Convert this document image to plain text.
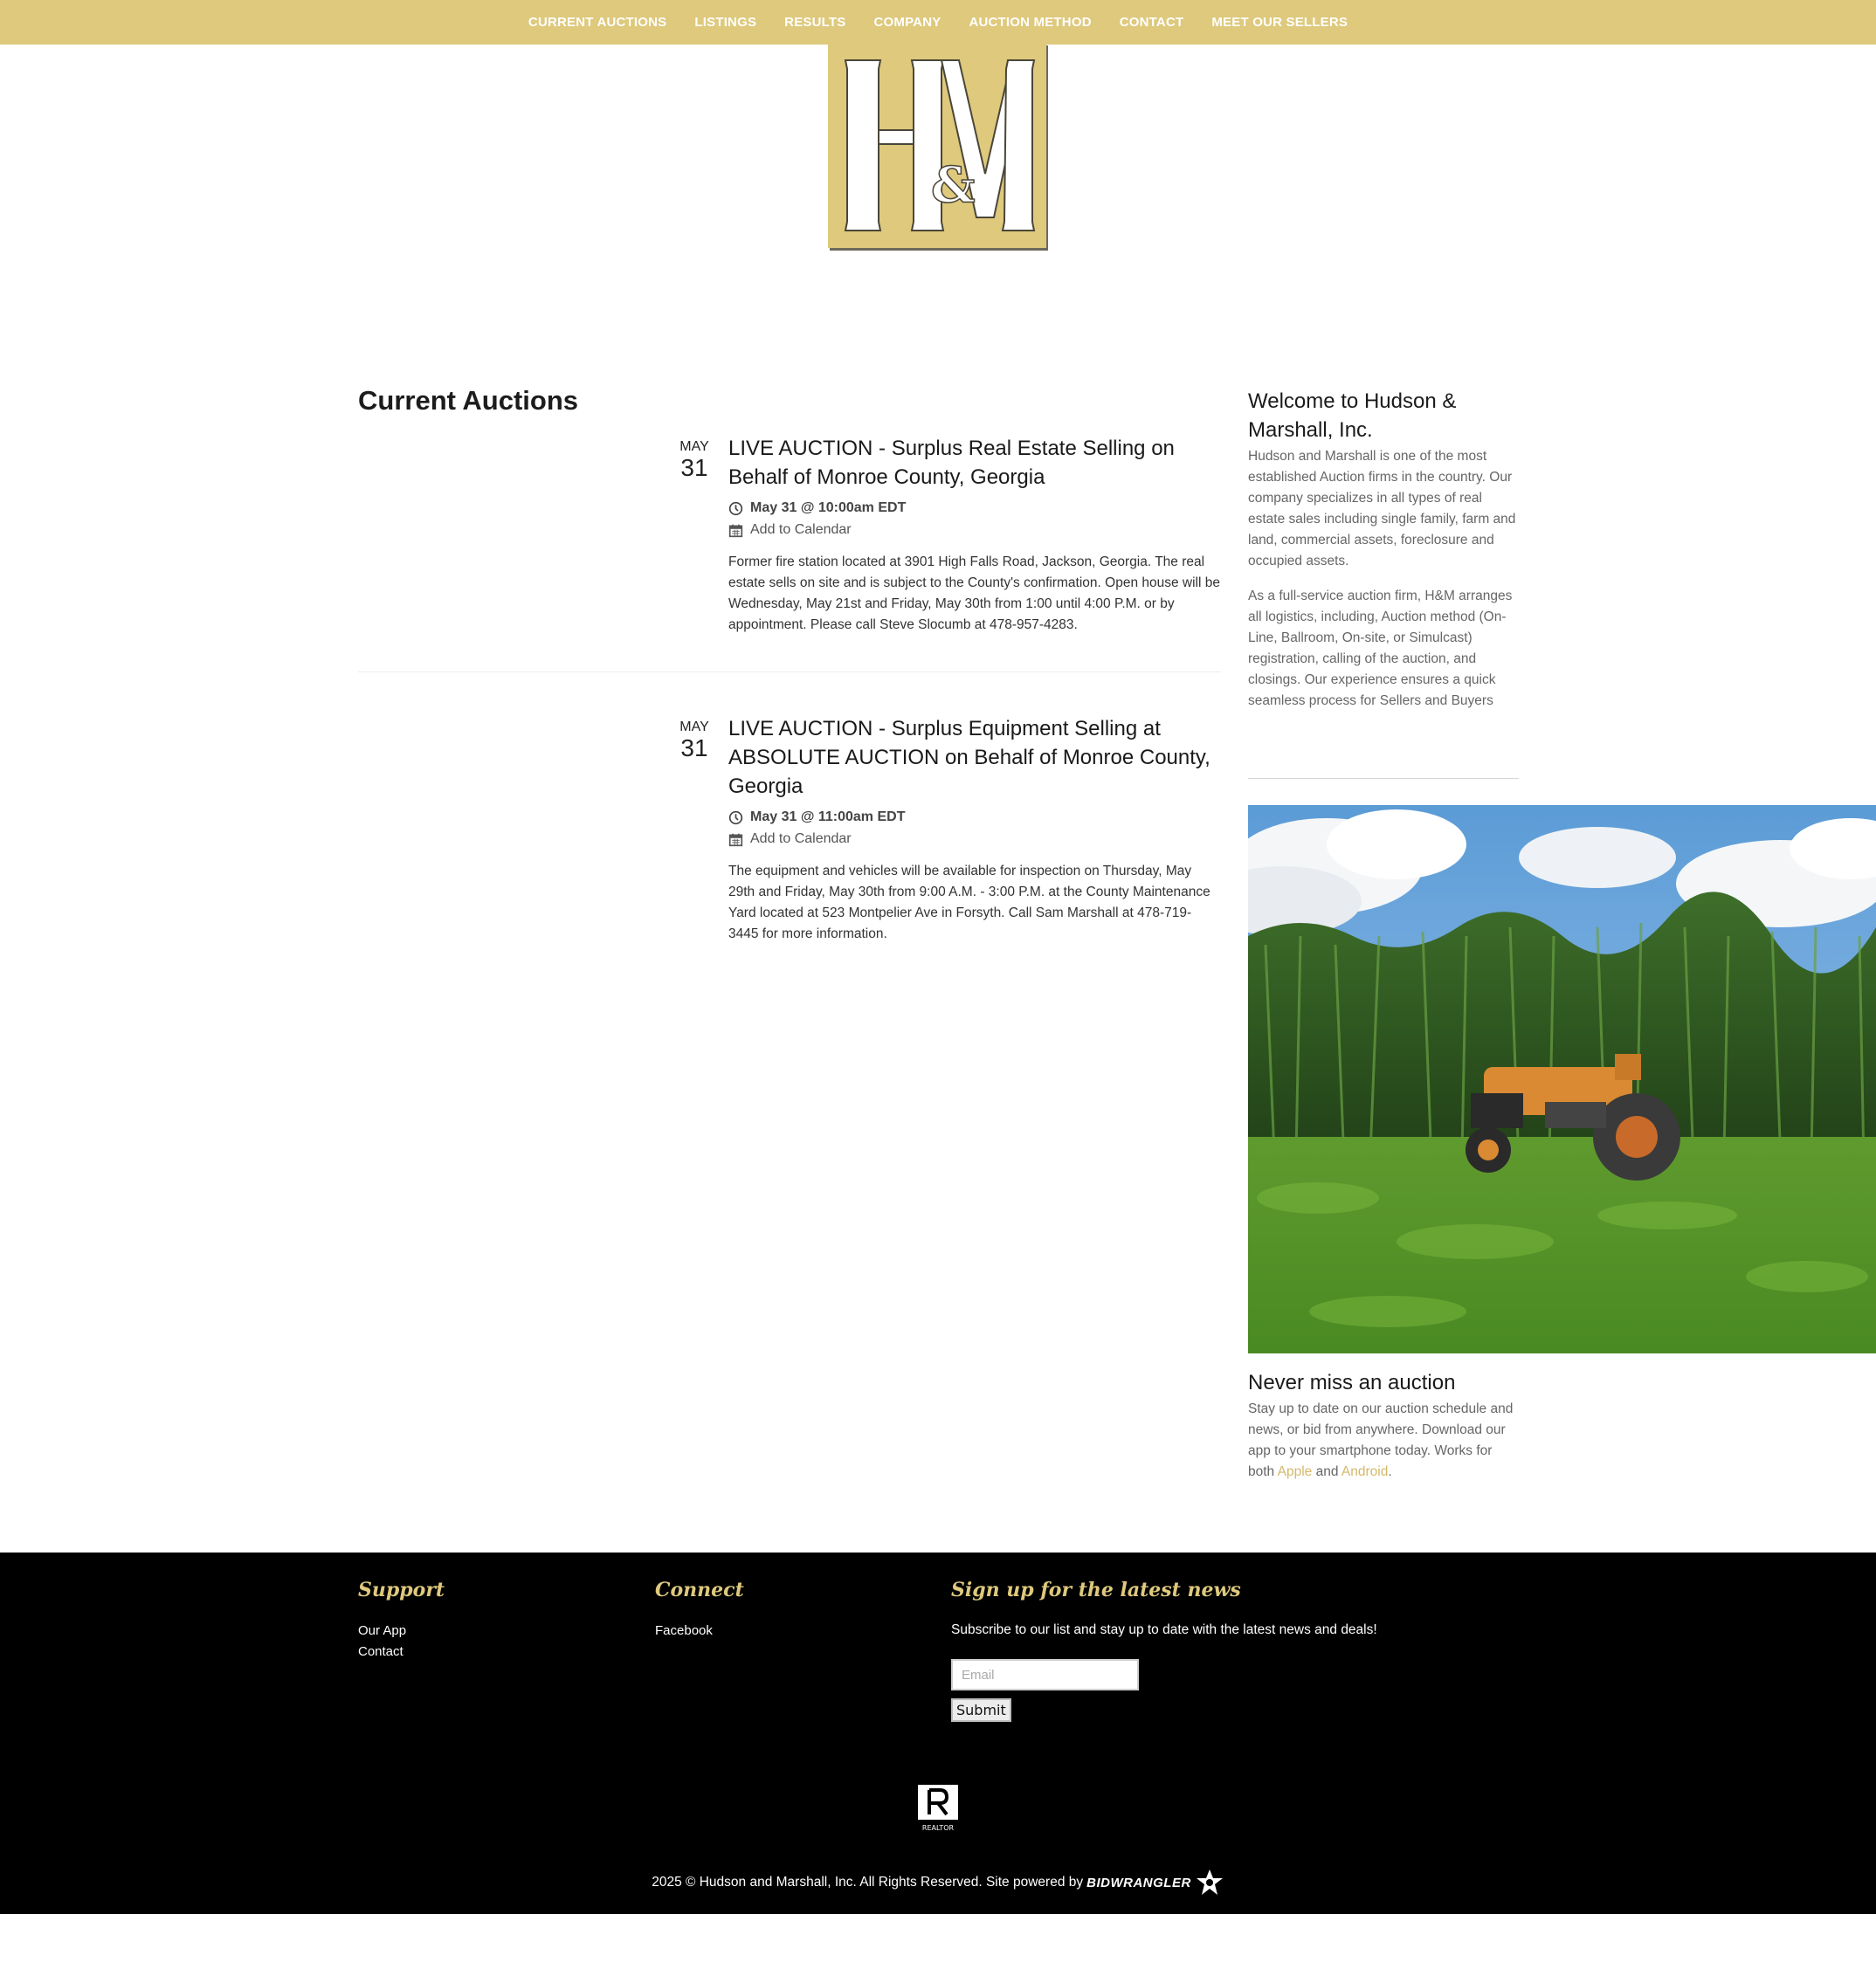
CURRENT AUCTIONS LISTINGS RESULTS COMPANY AUCTION METHOD CONTACT MEET OUR SELLERS
&
Current Auctions
MAY
31
LIVE AUCTION - Surplus Real Estate Selling on Behalf of Monroe County, Georgia
May 31 @ 10:00am EDT
Add to Calendar

Former fire station located at 3901 High Falls Road, Jackson, Georgia. The real estate sells on site and is subject to the County's confirmation. Open house will be Wednesday, May 21st and Friday, May 30th from 1:00 until 4:00 P.M. or by appointment. Please call Steve Slocumb at 478-957-4283.

MAY
31
LIVE AUCTION - Surplus Equipment Selling at ABSOLUTE AUCTION on Behalf of Monroe County, Georgia
May 31 @ 11:00am EDT
Add to Calendar

The equipment and vehicles will be available for inspection on Thursday, May 29th and Friday, May 30th from 9:00 A.M. - 3:00 P.M. at the County Maintenance Yard located at 523 Montpelier Ave in Forsyth. Call Sam Marshall at 478-719-3445 for more information.

Welcome to Hudson & Marshall, Inc.

Hudson and Marshall is one of the most established Auction firms in the country. Our company specializes in all types of real estate sales including single family, farm and land, commercial assets, foreclosure and occupied assets.

As a full-service auction firm, H&M arranges all logistics, including, Auction method (On-Line, Ballroom, On-site, or Simulcast) registration, calling of the auction, and closings. Our experience ensures a quick seamless process for Sellers and Buyers

Never miss an auction

Stay up to date on our auction schedule and news, or bid from anywhere. Download our app to your smartphone today. Works for both Apple and Android.

Support
Our App
Contact
Connect
Facebook
Sign up for the latest news

Subscribe to our list and stay up to date with the latest news and deals!

Email
Submit
REALTOR
2025 © Hudson and Marshall, Inc. All Rights Reserved. Site powered by BIDWRANGLER
